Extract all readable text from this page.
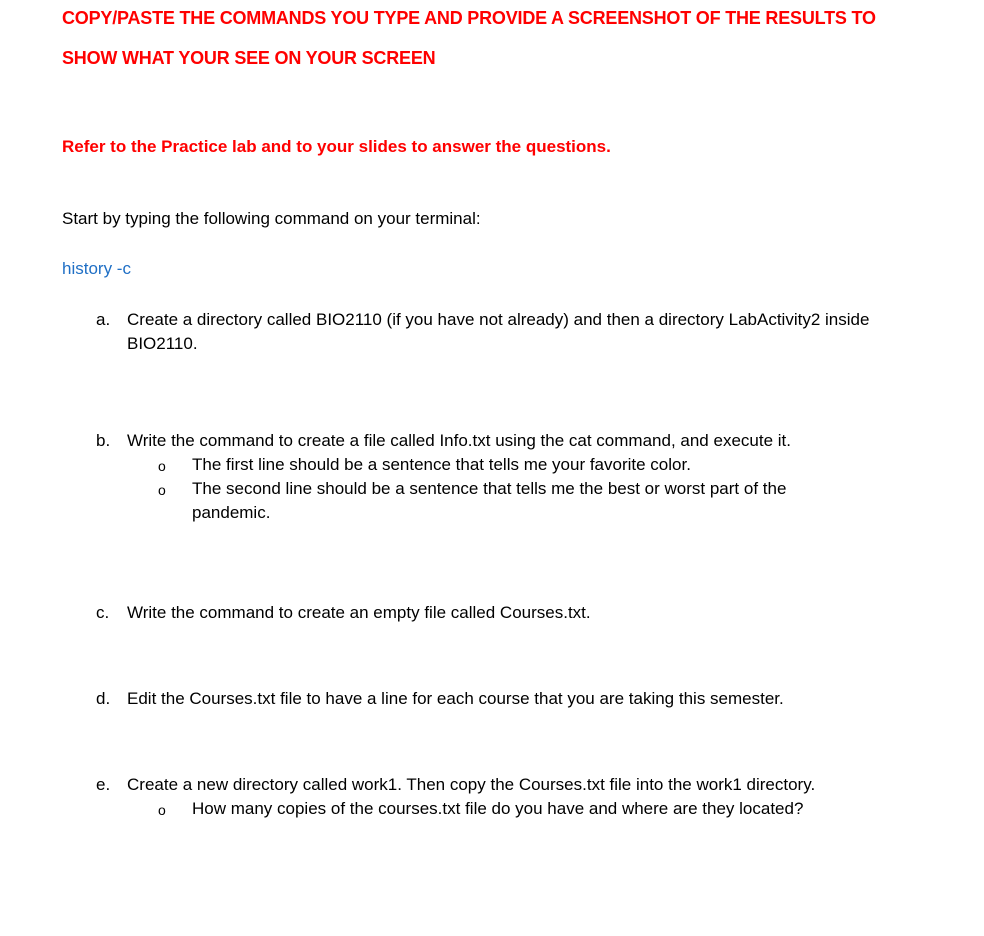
COPY/PASTE THE COMMANDS YOU TYPE AND PROVIDE A SCREENSHOT OF THE RESULTS TO
SHOW WHAT YOUR SEE ON YOUR SCREEN
Refer to the Practice lab and to your slides to answer the questions.
Start by typing the following command on your terminal:
history -c
a. Create a directory called BIO2110 (if you have not already) and then a directory LabActivity2 inside BIO2110.
b. Write the command to create a file called Info.txt using the cat command, and execute it.
o The first line should be a sentence that tells me your favorite color.
o The second line should be a sentence that tells me the best or worst part of the pandemic.
c. Write the command to create an empty file called Courses.txt.
d. Edit the Courses.txt file to have a line for each course that you are taking this semester.
e. Create a new directory called work1. Then copy the Courses.txt file into the work1 directory.
o How many copies of the courses.txt file do you have and where are they located?
